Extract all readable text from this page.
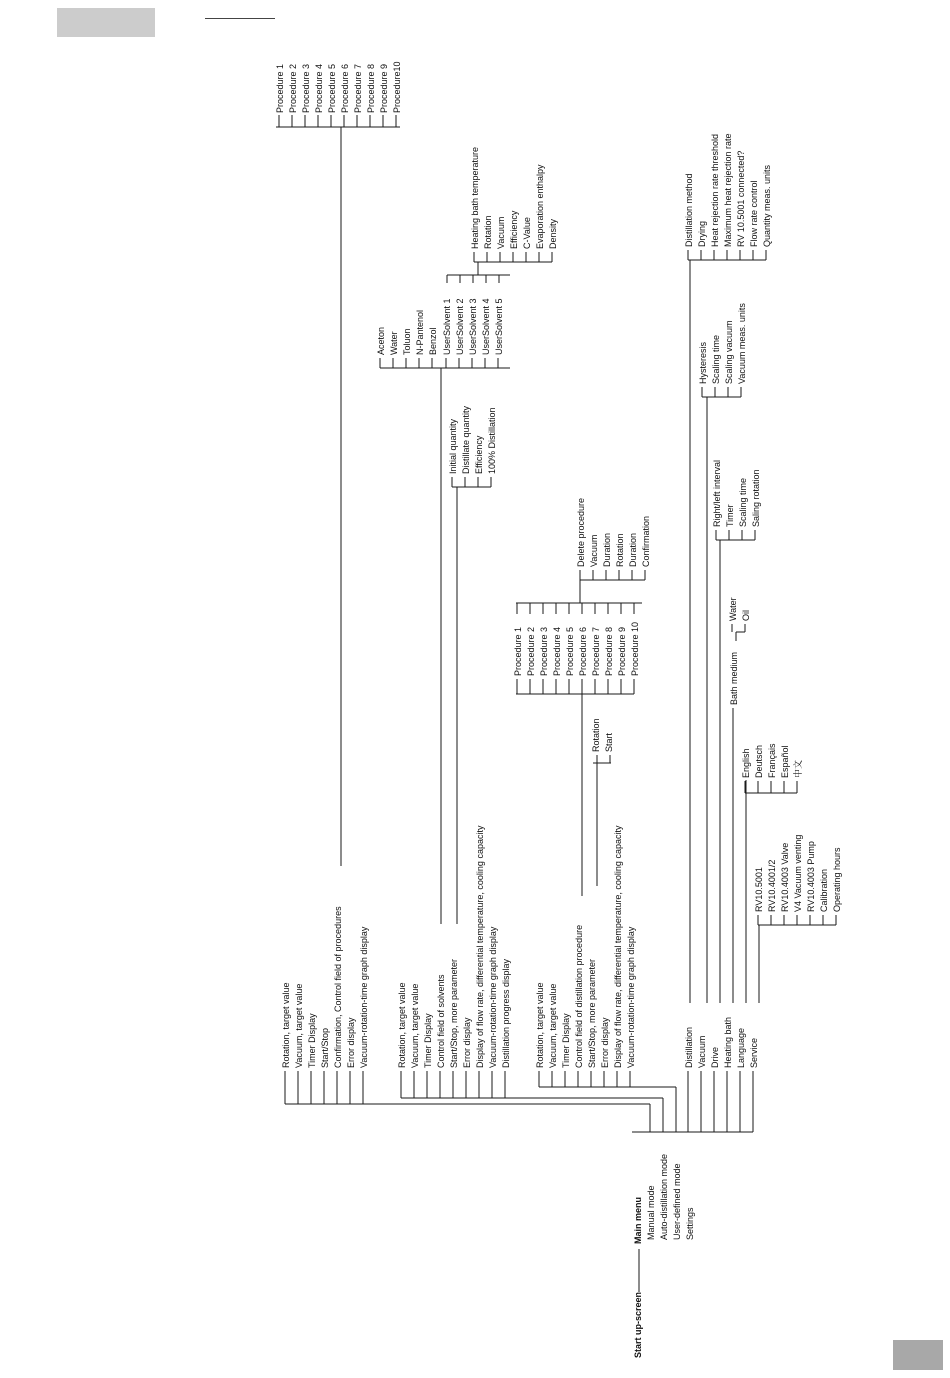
Start up-screen
Main menu Manual mode Auto-distillation mode User-defined mode Settings
Rotation, target value Vacuum, target value Timer Display Start/Stop Confirmation, Control field of procedures Error display Vacuum-rotation-time graph display
Procedure 1 Procedure 2 Procedure 3 Procedure 4 Procedure 5 Procedure 6 Procedure 7 Procedure 8 Procedure 9 Procedure10
Rotation, target value Vacuum, target value Timer Display Control field of solvents Start/Stop, more parameter Error display Display of flow rate, differential temperature, cooling capacity Vacuum-rotation-time graph display Distillation progress display
Aceton Water Toluon N-Pantenol Benzol UserSolvent 1 UserSolvent 2 UserSolvent 3 UserSolvent 4 UserSolvent 5
Heating bath temperature Rotation Vacuum Efficiency C-Value Evaporation enthalpy Density
Initial quantity Distillate quantity Efficiency 100% Distillation
Rotation, target value Vacuum, target value Timer Display Control field of distillation procedure Start/Stop, more parameter Error display Display of flow rate, differential temperature, cooling capacity Vacuum-rotation-time graph display
Procedure 1 Procedure 2 Procedure 3 Procedure 4 Procedure 5 Procedure 6 Procedure 7 Procedure 8 Procedure 9 Procedure 10
Delete procedure Vacuum Duration Rotation Duration Confirmation
Rotation Start
Distillation Vacuum Drive Heating bath Language Service
Distillation method Drying Heat rejection rate threshold Maximum heat rejection rate RV 10.5001 connected? Flow rate control Quantity meas. units
Hysteresis Scaling time Scaling vacuum Vacuum meas. units
Right/left interval Timer Scaling time Saling rotation
Bath medium
Water Oil
English Deutsch Français Español 中文
RV10.5001 RV10.4001/2 RV10.4003 Valve V4 Vacuum venting RV10.4003 Pump Calibration Operating hours
